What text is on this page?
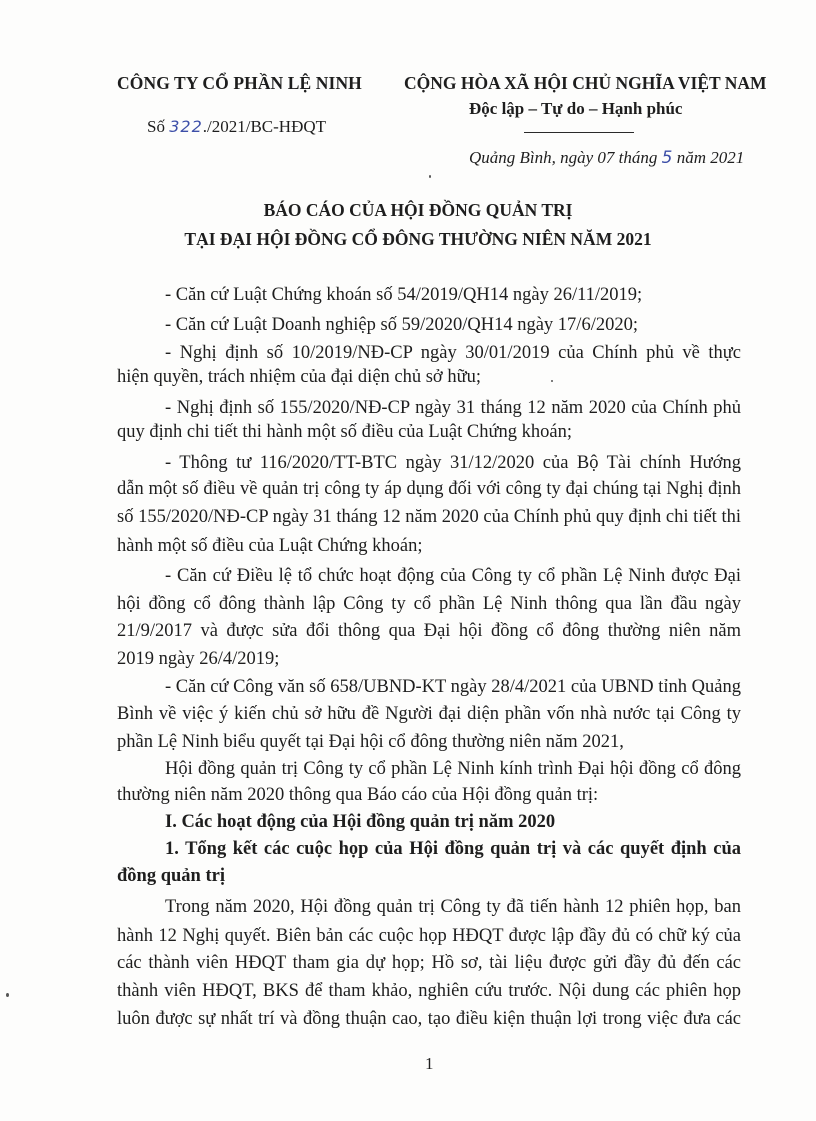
CÔNG TY CỔ PHẦN LỆ NINH CỘNG HÒA XÃ HỘI CHỦ NGHĨA VIỆT NAM
Độc lập – Tự do – Hạnh phúc
Số 322./2021/BC-HĐQT
Quảng Bình, ngày 07 tháng 5 năm 2021
BÁO CÁO CỦA HỘI ĐỒNG QUẢN TRỊ
TẠI ĐẠI HỘI ĐỒNG CỔ ĐÔNG THƯỜNG NIÊN NĂM 2021
- Căn cứ Luật Chứng khoán số 54/2019/QH14 ngày 26/11/2019;
- Căn cứ Luật Doanh nghiệp số 59/2020/QH14 ngày 17/6/2020;
- Nghị định số 10/2019/NĐ-CP ngày 30/01/2019 của Chính phủ về thực
hiện quyền, trách nhiệm của đại diện chủ sở hữu;
- Nghị định số 155/2020/NĐ-CP ngày 31 tháng 12 năm 2020 của Chính phủ
quy định chi tiết thi hành một số điều của Luật Chứng khoán;
- Thông tư 116/2020/TT-BTC ngày 31/12/2020 của Bộ Tài chính Hướng
dẫn một số điều về quản trị công ty áp dụng đối với công ty đại chúng tại Nghị định
số 155/2020/NĐ-CP ngày 31 tháng 12 năm 2020 của Chính phủ quy định chi tiết thi
hành một số điều của Luật Chứng khoán;
- Căn cứ Điều lệ tổ chức hoạt động của Công ty cổ phần Lệ Ninh được Đại
hội đồng cổ đông thành lập Công ty cổ phần Lệ Ninh thông qua lần đầu ngày
21/9/2017 và được sửa đổi thông qua Đại hội đồng cổ đông thường niên năm
2019 ngày 26/4/2019;
- Căn cứ Công văn số 658/UBND-KT ngày 28/4/2021 của UBND tỉnh Quảng
Bình về việc ý kiến chủ sở hữu đề Người đại diện phần vốn nhà nước tại Công ty
phần Lệ Ninh biểu quyết tại Đại hội cổ đông thường niên năm 2021,
Hội đồng quản trị Công ty cổ phần Lệ Ninh kính trình Đại hội đồng cổ đông
thường niên năm 2020 thông qua Báo cáo của Hội đồng quản trị:
I. Các hoạt động của Hội đồng quản trị năm 2020
1. Tổng kết các cuộc họp của Hội đồng quản trị và các quyết định của
đồng quản trị
Trong năm 2020, Hội đồng quản trị Công ty đã tiến hành 12 phiên họp, ban
hành 12 Nghị quyết. Biên bản các cuộc họp HĐQT được lập đầy đủ có chữ ký của
các thành viên HĐQT tham gia dự họp; Hồ sơ, tài liệu được gửi đầy đủ đến các
thành viên HĐQT, BKS để tham khảo, nghiên cứu trước. Nội dung các phiên họp
luôn được sự nhất trí và đồng thuận cao, tạo điều kiện thuận lợi trong việc đưa các
1
